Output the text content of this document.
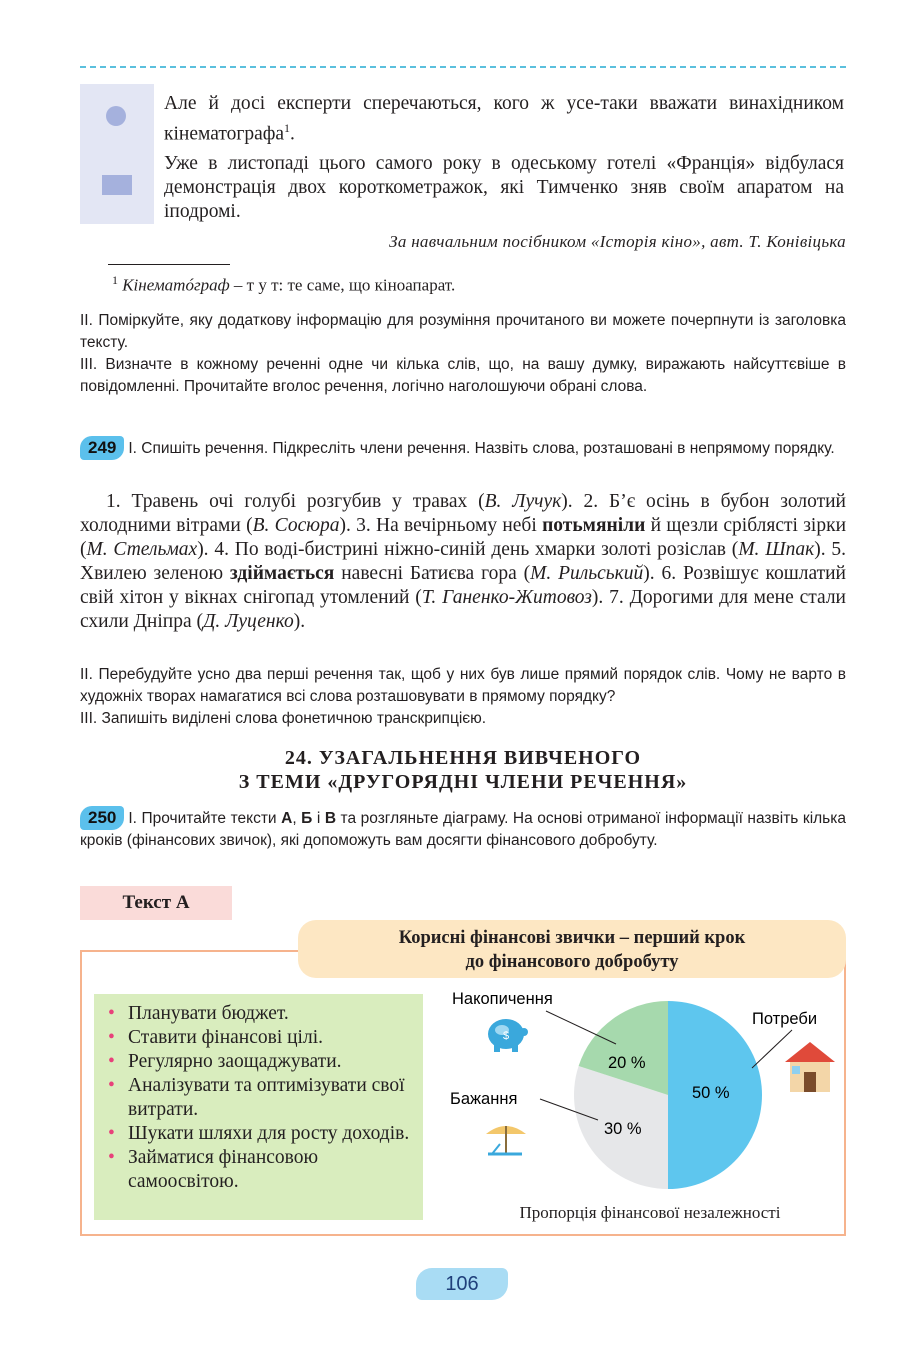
Але й досі експерти сперечаються, кого ж усе-таки вважати винахідником кінематографа$^1$.
Уже в листопаді цього самого року в одеському готелі «Франція» відбулася демонстрація двох короткометражок, які Тимченко зняв своїм апаратом на іподромі.
За навчальним посібником «Історія кіно», авт. Т. Конівіцька
$^1$ Кінематóграф – т у т: те саме, що кіноапарат.
II. Поміркуйте, яку додаткову інформацію для розуміння прочитаного ви можете почерпнути із заголовка тексту.
III. Визначте в кожному реченні одне чи кілька слів, що, на вашу думку, виражають найсуттєвіше в повідомленні. Прочитайте вголос речення, логічно наголошуючи обрані слова.
249 І. Спишіть речення. Підкресліть члени речення. Назвіть слова, розташовані в непрямому порядку.
1. Травень очі голубі розгубив у травах (В. Лучук). 2. Б’є осінь в бубон золотий холодними вітрами (В. Сосюра). 3. На вечірньому небі потьмяніли й щезли сріблясті зірки (М. Стельмах). 4. По воді-бистрині ніжно-синій день хмарки золоті розіслав (М. Шпак). 5. Хвилею зеленою здіймається навесні Батиєва гора (М. Рильський). 6. Розвішує кошлатий свій хітон у вікнах снігопад утомлений (Т. Ганенко-Житовоз). 7. Дорогими для мене стали схили Дніпра (Д. Луценко).
II. Перебудуйте усно два перші речення так, щоб у них був лише прямий порядок слів. Чому не варто в художніх творах намагатися всі слова розташовувати в прямому порядку?
III. Запишіть виділені слова фонетичною транскрипцією.
24. УЗАГАЛЬНЕННЯ ВИВЧЕНОГО
З ТЕМИ «ДРУГОРЯДНІ ЧЛЕНИ РЕЧЕННЯ»
250 І. Прочитайте тексти А, Б і В та розгляньте діаграму. На основі отриманої інформації назвіть кілька кроків (фінансових звичок), які допоможуть вам досягти фінансового добробуту.
Текст А
Корисні фінансові звички – перший крок
до фінансового добробуту
• Планувати бюджет.
• Ставити фінансові цілі.
• Регулярно заощаджувати.
• Аналізувати та оптимізувати свої витрати.
• Шукати шляхи для росту доходів.
• Займатися фінансовою самоосвітою.
$
Накопичення
Потреби
Бажання
20 %
50 %
30 %
Пропорція фінансової незалежності
106
